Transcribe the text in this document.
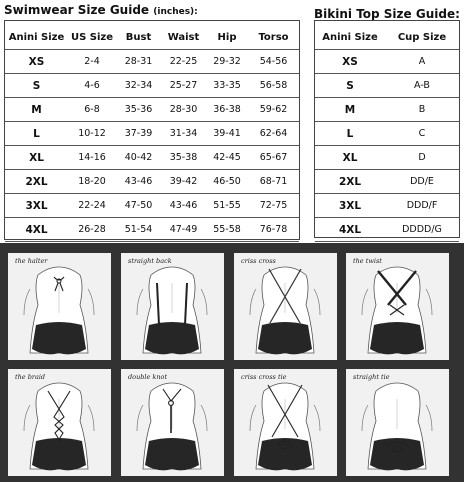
Swimwear Size Guide (inches):
Anini Size	US Size	Bust	Waist	Hip	Torso
XS	2-4	28-31	22-25	29-32	54-56
S	4-6	32-34	25-27	33-35	56-58
M	6-8	35-36	28-30	36-38	59-62
L	10-12	37-39	31-34	39-41	62-64
XL	14-16	40-42	35-38	42-45	65-67
2XL	18-20	43-46	39-42	46-50	68-71
3XL	22-24	47-50	43-46	51-55	72-75
4XL	26-28	51-54	47-49	55-58	76-78

Bikini Top Size Guide:
Anini Size	Cup Size
XS	A
S	A-B
M	B
L	C
XL	D
2XL	DD/E
3XL	DDD/F
4XL	DDDD/G

the halter	straight back	criss cross	the twist
the braid	double knot	criss cross tie	straight tie
